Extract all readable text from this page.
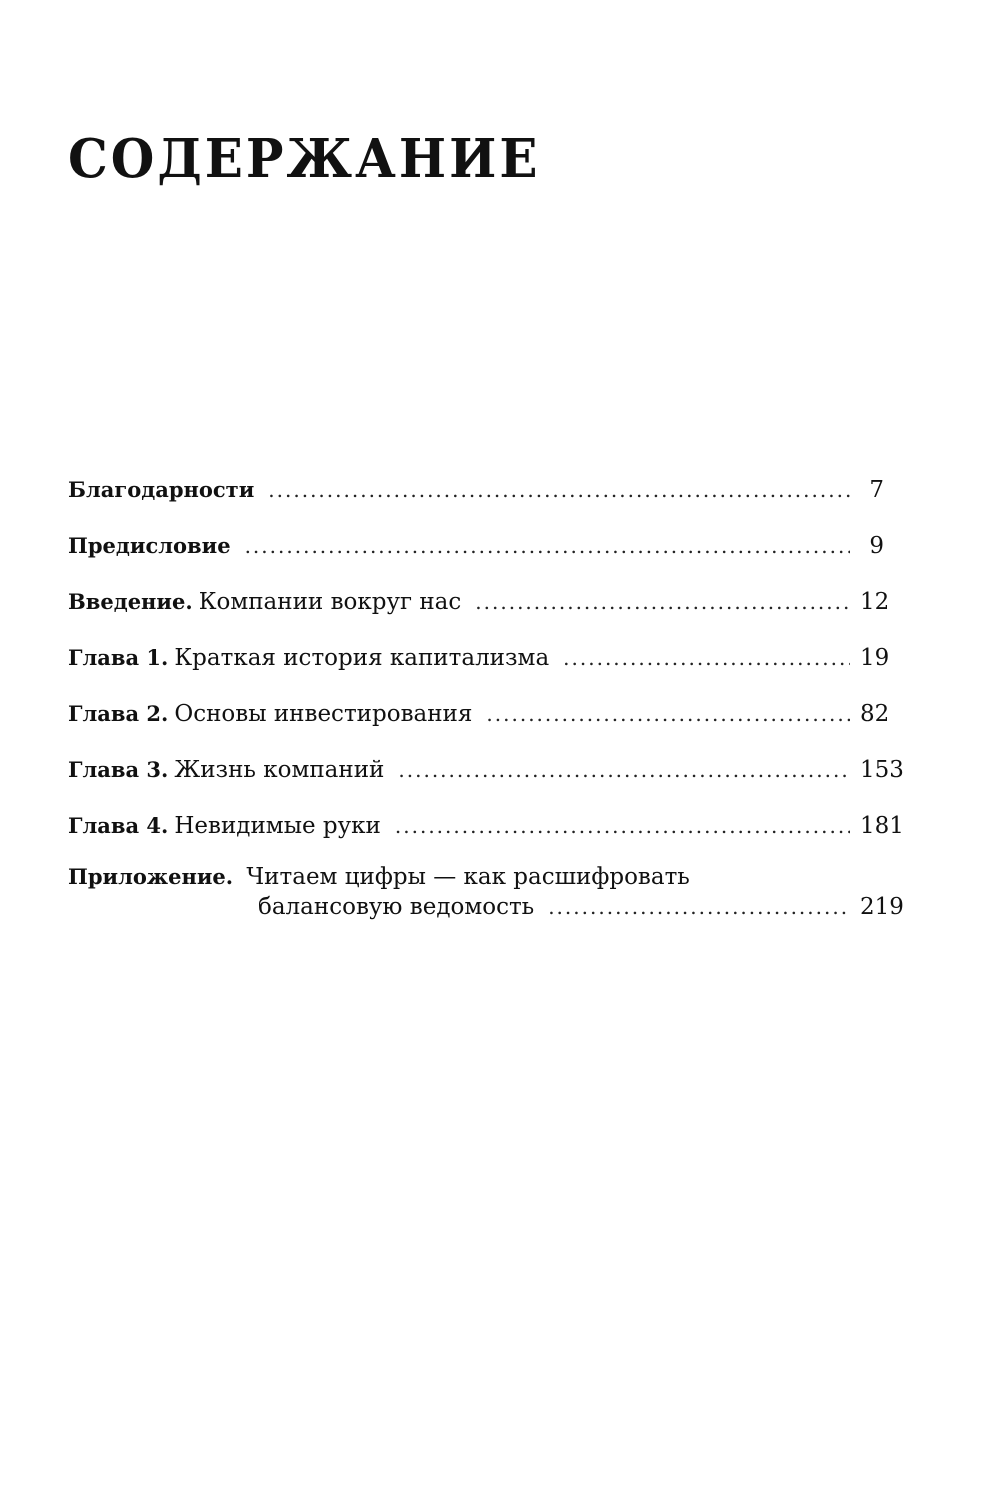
СОДЕРЖАНИЕ
Благодарности .....	7
Предисловие .....	9
Введение. Компании вокруг нас .....	12
Глава 1. Краткая история капитализма .....	19
Глава 2. Основы инвестирования .....	82
Глава 3. Жизнь компаний .....	153
Глава 4. Невидимые руки .....	181
Приложение. Читаем цифры — как расшифровать
балансовую ведомость .....	219
